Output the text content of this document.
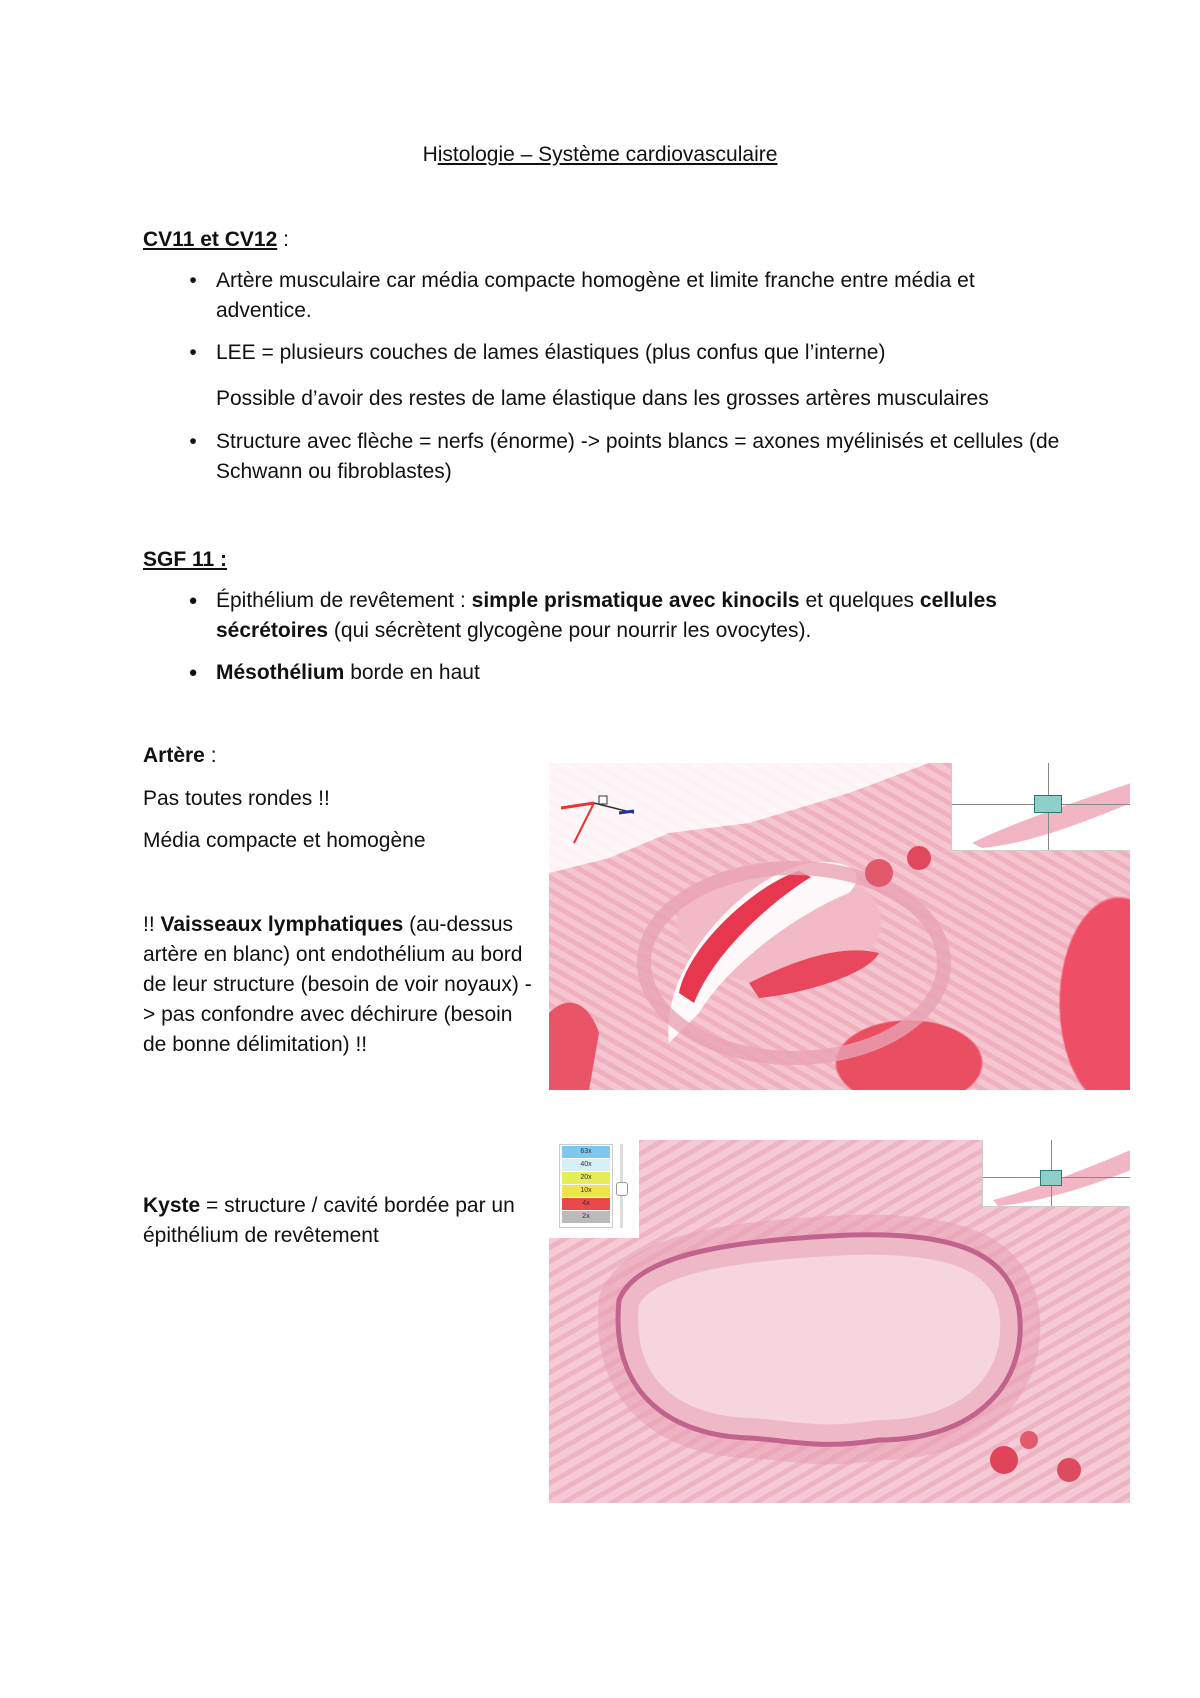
Histologie – Système cardiovasculaire
CV11 et CV12 :
• Artère musculaire car média compacte homogène et limite franche entre média et adventice.
• LEE = plusieurs couches de lames élastiques (plus confus que l’interne)
Possible d’avoir des restes de lame élastique dans les grosses artères musculaires
• Structure avec flèche = nerfs (énorme) -> points blancs = axones myélinisés et cellules (de Schwann ou fibroblastes)
SGF 11 :
● Épithélium de revêtement : simple prismatique avec kinocils et quelques cellules sécrétoires (qui sécrètent glycogène pour nourrir les ovocytes).
● Mésothélium borde en haut
Artère :

Pas toutes rondes !!

Média compacte et homogène

!! Vaisseaux lymphatiques (au-dessus artère en blanc) ont endothélium au bord de leur structure (besoin de voir noyaux) -> pas confondre avec déchirure (besoin de bonne délimitation) !!

Kyste = structure / cavité bordée par un épithélium de revêtement

63x
40x
20x
10x
4x
2x
